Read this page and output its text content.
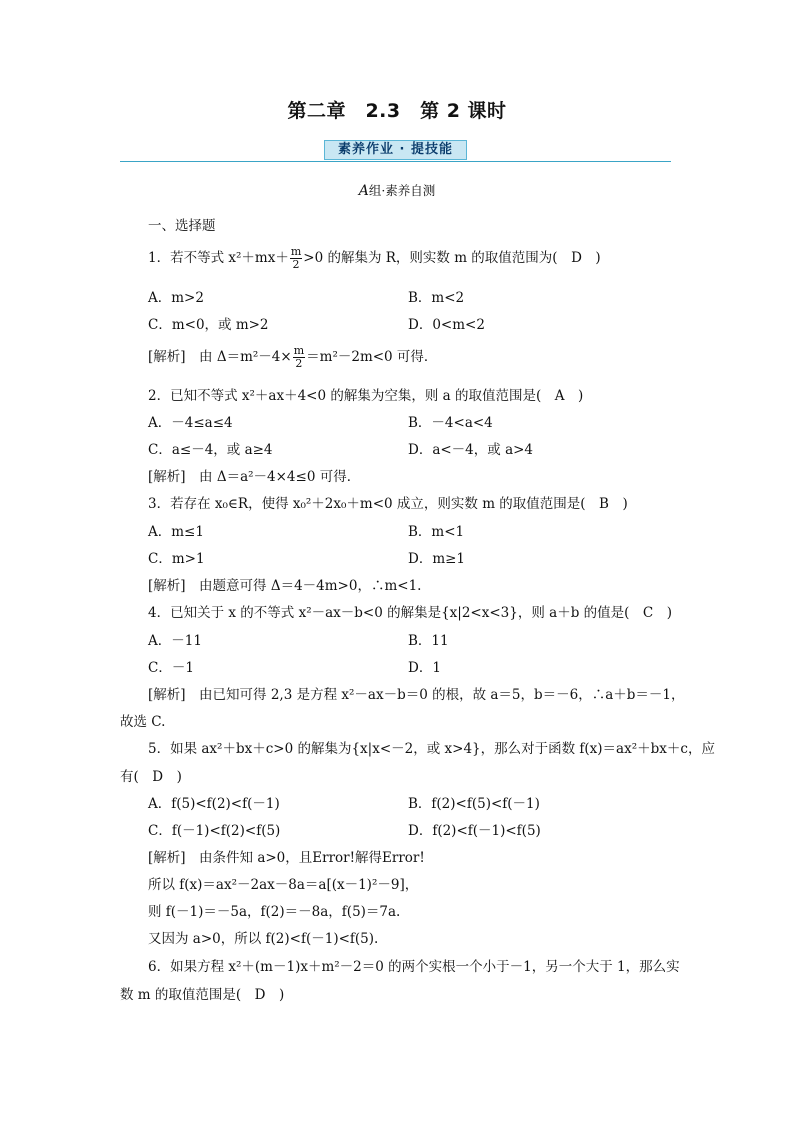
第二章　2.3　第 2 课时
素养作业 · 提技能
A组·素养自测
一、选择题
1．若不等式 $x^2+mx+ \frac{m}{2} >0$ 的解集为 R，则实数 m 的取值范围为(　D　)
A．m>2	B．m<2
C．m<0，或 m>2	D．0<m<2
[解析]　由 $\Delta=m^2-4\times \frac{m}{2} =m^2-2m<0$ 可得．
2．已知不等式 x²＋ax＋4<0 的解集为空集，则 a 的取值范围是(　A　)
A．－4≤a≤4	B．－4<a<4
C．a≤－4，或 a≥4	D．a<－4，或 a>4
[解析]　由 Δ＝a²－4×4≤0 可得．
3．若存在 x₀∈R，使得 x₀²＋2x₀＋m<0 成立，则实数 m 的取值范围是(　B　)
A．m≤1	B．m<1
C．m>1	D．m≥1
[解析]　由题意可得 Δ＝4－4m>0，∴m<1.
4．已知关于 x 的不等式 x²－ax－b<0 的解集是{x|2<x<3}，则 a＋b 的值是(　C　)
A．－11	B．11
C．－1	D．1
[解析]　由已知可得 2,3 是方程 x²－ax－b＝0 的根，故 a＝5，b＝－6，∴a＋b＝－1，
故选 C.
5．如果 ax²＋bx＋c>0 的解集为{x|x<－2，或 x>4}，那么对于函数 f(x)＝ax²＋bx＋c，应
有(　D　)
A．f(5)<f(2)<f(－1)	B．f(2)<f(5)<f(－1)
C．f(－1)<f(2)<f(5)	D．f(2)<f(－1)<f(5)
[解析]　由条件知 a>0，且Error!解得Error!
所以 f(x)＝ax²－2ax－8a＝a[(x－1)²－9]，
则 f(－1)＝－5a，f(2)＝－8a，f(5)＝7a.
又因为 a>0，所以 f(2)<f(－1)<f(5).
6．如果方程 x²＋(m－1)x＋m²－2＝0 的两个实根一个小于－1，另一个大于 1，那么实
数 m 的取值范围是(　D　)
